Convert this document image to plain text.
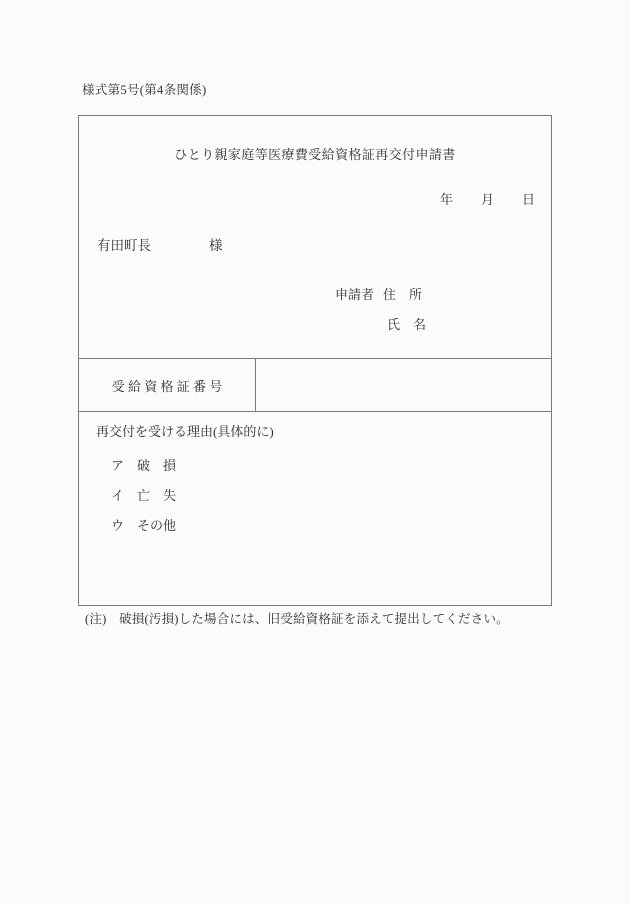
様式第5号(第4条関係)
ひとり親家庭等医療費受給資格証再交付申請書
年 月 日
有田町長	様
申請者 住　所
氏　名
受 給 資 格 証 番 号
再交付を受ける理由(具体的に)
ア　破　損
イ　亡　失
ウ　その他
(注)　破損(汚損)した場合には、旧受給資格証を添えて提出してください。
